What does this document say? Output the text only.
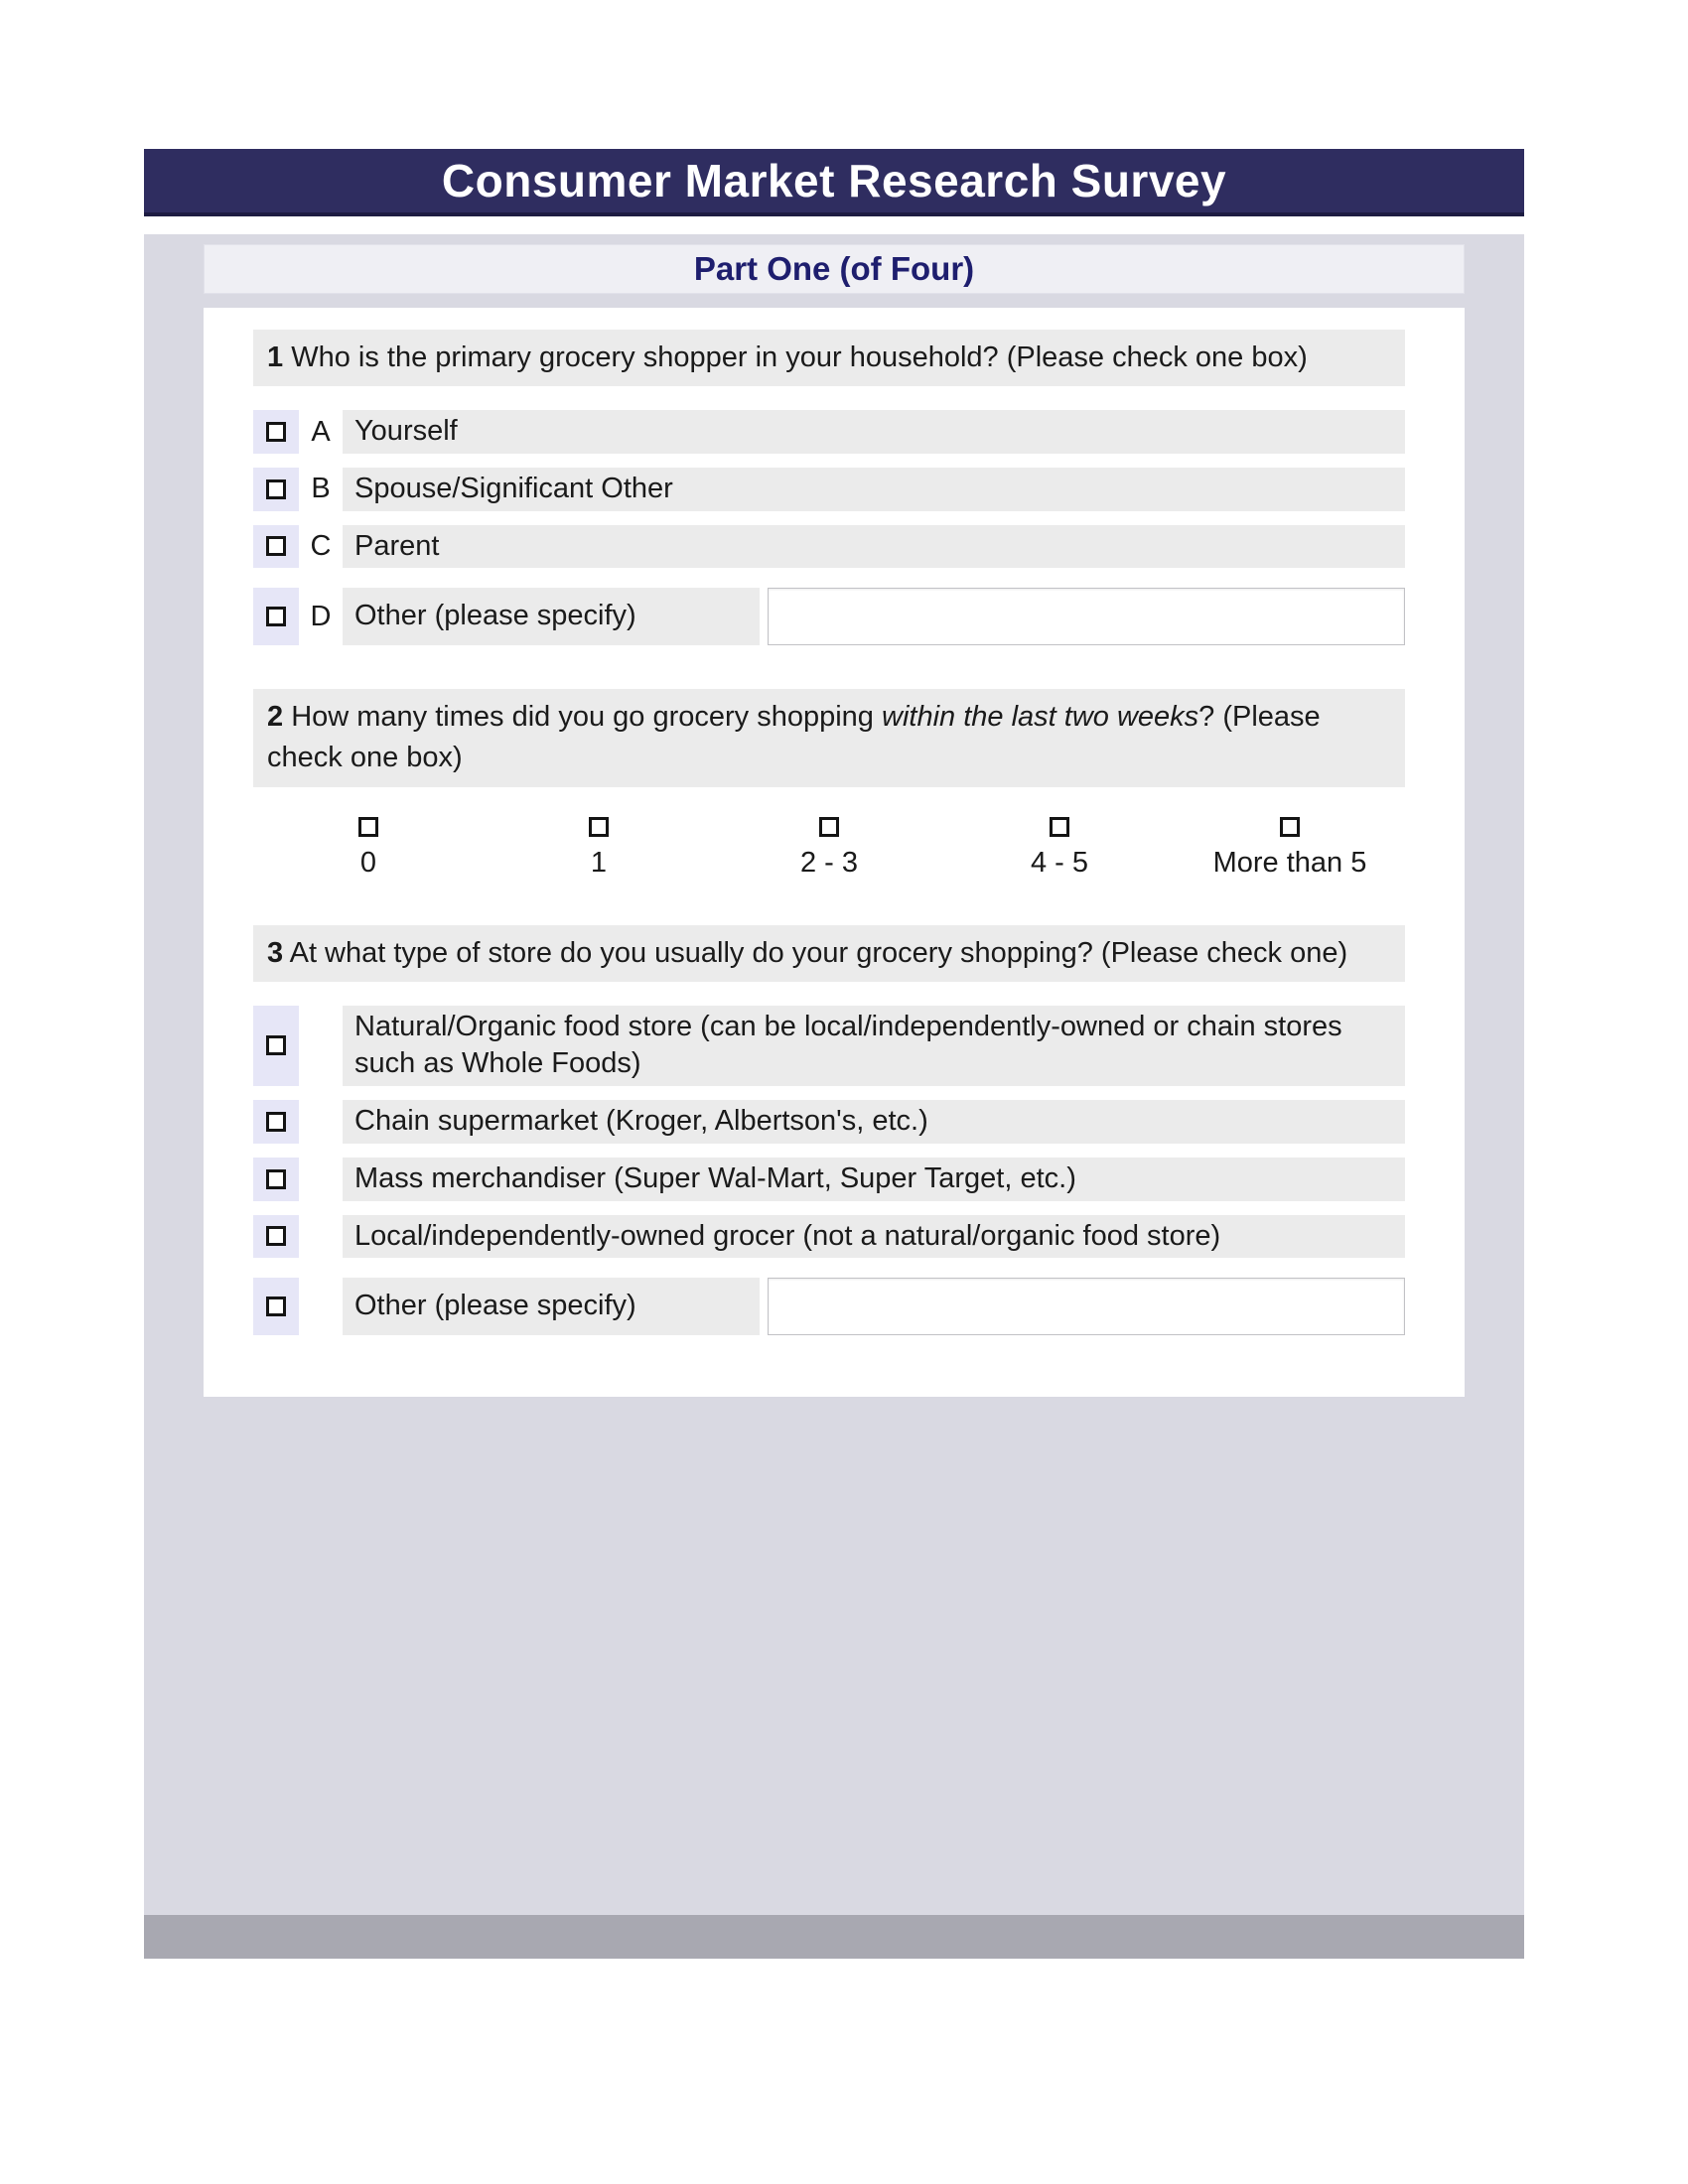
Consumer Market Research Survey
Part One (of Four)
1 Who is the primary grocery shopper in your household? (Please check one box)
A Yourself
B Spouse/Significant Other
C Parent
D Other (please specify)
2 How many times did you go grocery shopping within the last two weeks? (Please check one box)
0	1	2 - 3	4 - 5	More than 5
3 At what type of store do you usually do your grocery shopping? (Please check one)
Natural/Organic food store (can be local/independently-owned or chain stores such as Whole Foods)
Chain supermarket (Kroger, Albertson's, etc.)
Mass merchandiser (Super Wal-Mart, Super Target, etc.)
Local/independently-owned grocer (not a natural/organic food store)
Other (please specify)
